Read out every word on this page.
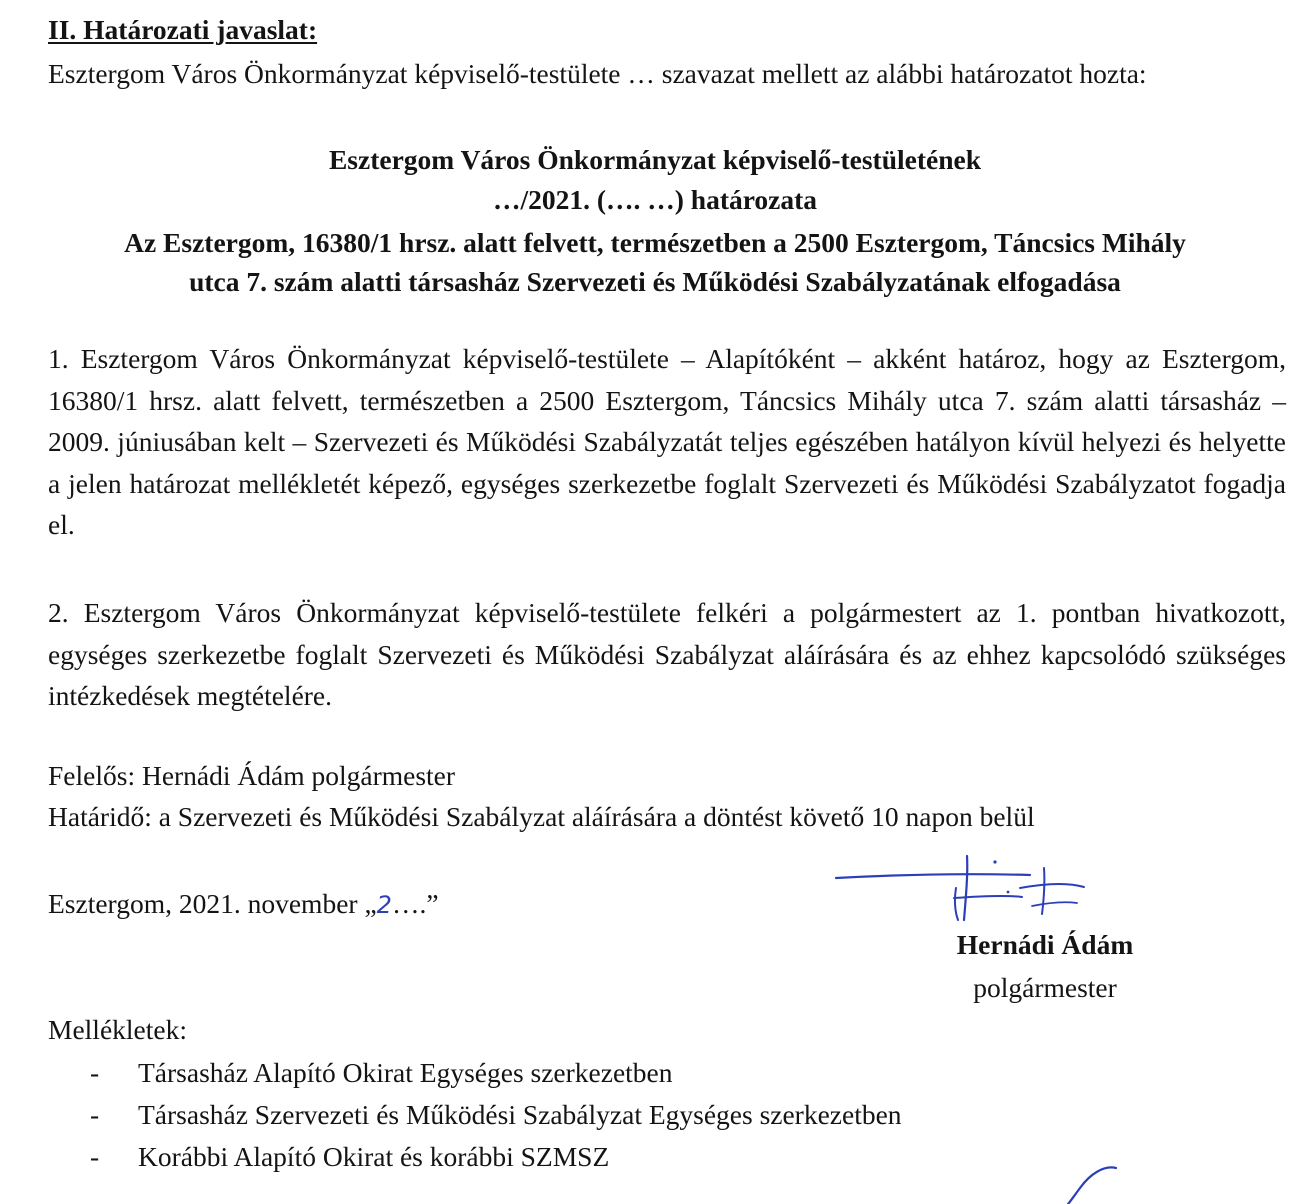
II. Határozati javaslat:

Esztergom Város Önkormányzat képviselő-testülete … szavazat mellett az alábbi határozatot hozta:

Esztergom Város Önkormányzat képviselő-testületének

…/2021. (…. …) határozata

Az Esztergom, 16380/1 hrsz. alatt felvett, természetben a 2500 Esztergom, Táncsics Mihály

utca 7. szám alatti társasház Szervezeti és Működési Szabályzatának elfogadása

1. Esztergom Város Önkormányzat képviselő-testülete – Alapítóként – akként határoz, hogy az Esztergom, 16380/1 hrsz. alatt felvett, természetben a 2500 Esztergom, Táncsics Mihály utca 7. szám alatti társasház – 2009. júniusában kelt – Szervezeti és Működési Szabályzatát teljes egészében hatályon kívül helyezi és helyette a jelen határozat mellékletét képező, egységes szerkezetbe foglalt Szervezeti és Működési Szabályzatot fogadja el.

2. Esztergom Város Önkormányzat képviselő-testülete felkéri a polgármestert az 1. pontban hivatkozott, egységes szerkezetbe foglalt Szervezeti és Működési Szabályzat aláírására és az ehhez kapcsolódó szükséges intézkedések megtételére.

Felelős: Hernádi Ádám polgármester
Határidő: a Szervezeti és Működési Szabályzat aláírására a döntést követő 10 napon belül
Esztergom, 2021. november „2….”
Hernádi Ádám
polgármester
Mellékletek:
- Társasház Alapító Okirat Egységes szerkezetben
- Társasház Szervezeti és Működési Szabályzat Egységes szerkezetben
- Korábbi Alapító Okirat és korábbi SZMSZ
